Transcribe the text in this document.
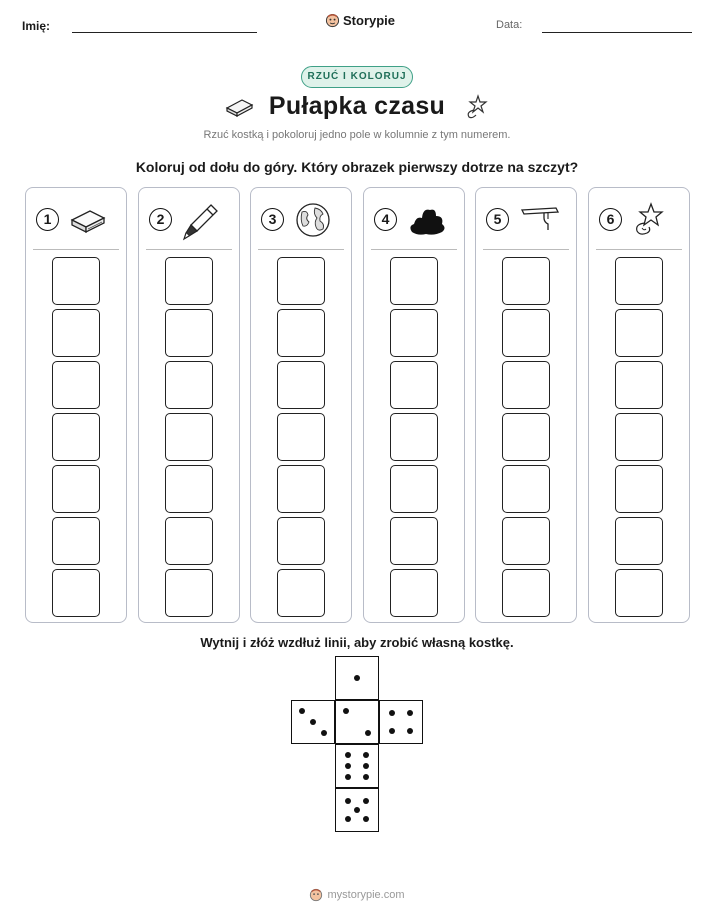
Imię:	Storypie	Data:
RZUĆ I KOLORUJ
Pułapka czasu
Rzuć kostką i pokoloruj jedno pole w kolumnie z tym numerem.
Koloruj od dołu do góry. Który obrazek pierwszy dotrze na szczyt?
1	2	3	4	5	6
Wytnij i złóż wzdłuż linii, aby zrobić własną kostkę.
mystorypie.com
